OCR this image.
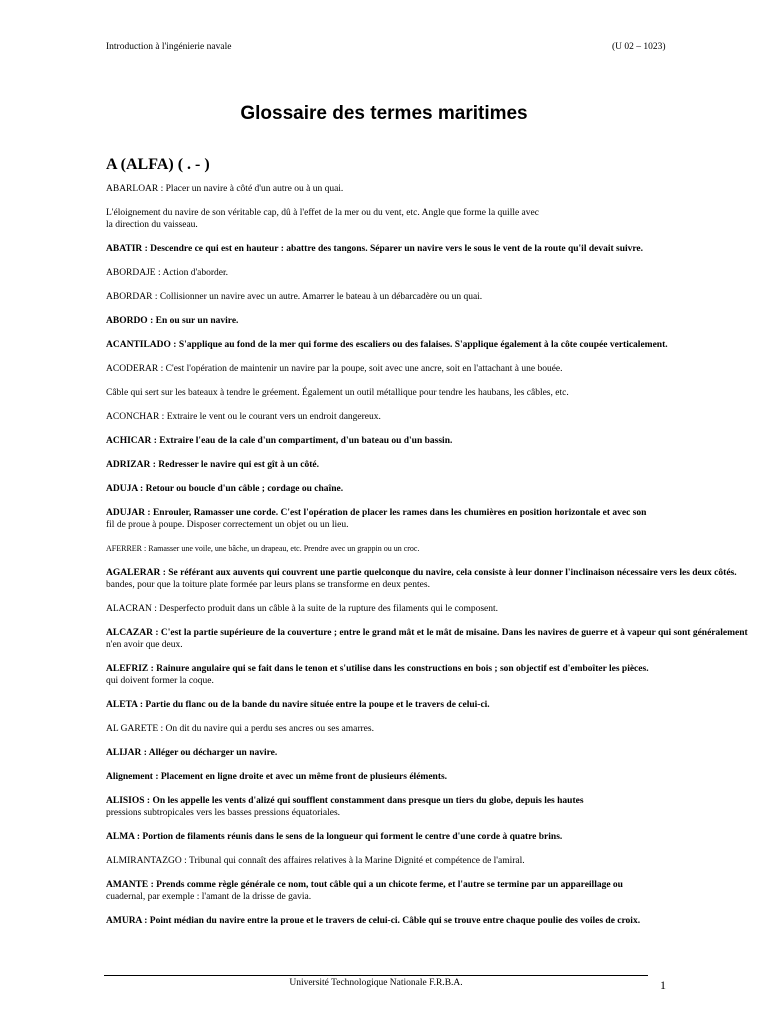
Introduction à l'ingénierie navale	(U 02 – 1023)
Glossaire des termes maritimes
A (ALFA) ( . - )

ABARLOAR : Placer un navire à côté d'un autre ou à un quai.

L'éloignement du navire de son véritable cap, dû à l'effet de la mer ou du vent, etc. Angle que forme la quille avec
la direction du vaisseau.

ABATIR : Descendre ce qui est en hauteur : abattre des tangons. Séparer un navire vers le sous le vent de la route qu'il devait suivre.

ABORDAJE : Action d'aborder.

ABORDAR : Collisionner un navire avec un autre. Amarrer le bateau à un débarcadère ou un quai.

ABORDO : En ou sur un navire.

ACANTILADO : S'applique au fond de la mer qui forme des escaliers ou des falaises. S'applique également à la côte coupée verticalement.

ACODERAR : C'est l'opération de maintenir un navire par la poupe, soit avec une ancre, soit en l'attachant à une bouée.

Câble qui sert sur les bateaux à tendre le gréement. Également un outil métallique pour tendre les haubans, les câbles, etc.

ACONCHAR : Extraire le vent ou le courant vers un endroit dangereux.

ACHICAR : Extraire l'eau de la cale d'un compartiment, d'un bateau ou d'un bassin.

ADRIZAR : Redresser le navire qui est gît à un côté.

ADUJA : Retour ou boucle d'un câble ; cordage ou chaîne.

ADUJAR : Enrouler, Ramasser une corde. C'est l'opération de placer les rames dans les chumières en position horizontale et avec son
fil de proue à poupe. Disposer correctement un objet ou un lieu.

AFERRER : Ramasser une voile, une bâche, un drapeau, etc. Prendre avec un grappin ou un croc.

AGALERAR : Se référant aux auvents qui couvrent une partie quelconque du navire, cela consiste à leur donner l'inclinaison nécessaire vers les deux côtés.
bandes, pour que la toiture plate formée par leurs plans se transforme en deux pentes.

ALACRAN : Desperfecto produit dans un câble à la suite de la rupture des filaments qui le composent.

ALCAZAR : C'est la partie supérieure de la couverture ; entre le grand mât et le mât de misaine. Dans les navires de guerre et à vapeur qui sont généralement
n'en avoir que deux.

ALEFRIZ : Rainure angulaire qui se fait dans le tenon et s'utilise dans les constructions en bois ; son objectif est d'emboîter les pièces.
qui doivent former la coque.

ALETA : Partie du flanc ou de la bande du navire située entre la poupe et le travers de celui-ci.

AL GARETE : On dit du navire qui a perdu ses ancres ou ses amarres.

ALIJAR : Alléger ou décharger un navire.

Alignement : Placement en ligne droite et avec un même front de plusieurs éléments.

ALISIOS : On les appelle les vents d'alizé qui soufflent constamment dans presque un tiers du globe, depuis les hautes
pressions subtropicales vers les basses pressions équatoriales.

ALMA : Portion de filaments réunis dans le sens de la longueur qui forment le centre d'une corde à quatre brins.

ALMIRANTAZGO : Tribunal qui connaît des affaires relatives à la Marine Dignité et compétence de l'amiral.

AMANTE : Prends comme règle générale ce nom, tout câble qui a un chicote ferme, et l'autre se termine par un appareillage ou
cuadernal, par exemple : l'amant de la drisse de gavia.

AMURA : Point médian du navire entre la proue et le travers de celui-ci. Câble qui se trouve entre chaque poulie des voiles de croix.

Université Technologique Nationale F.R.B.A.	1
